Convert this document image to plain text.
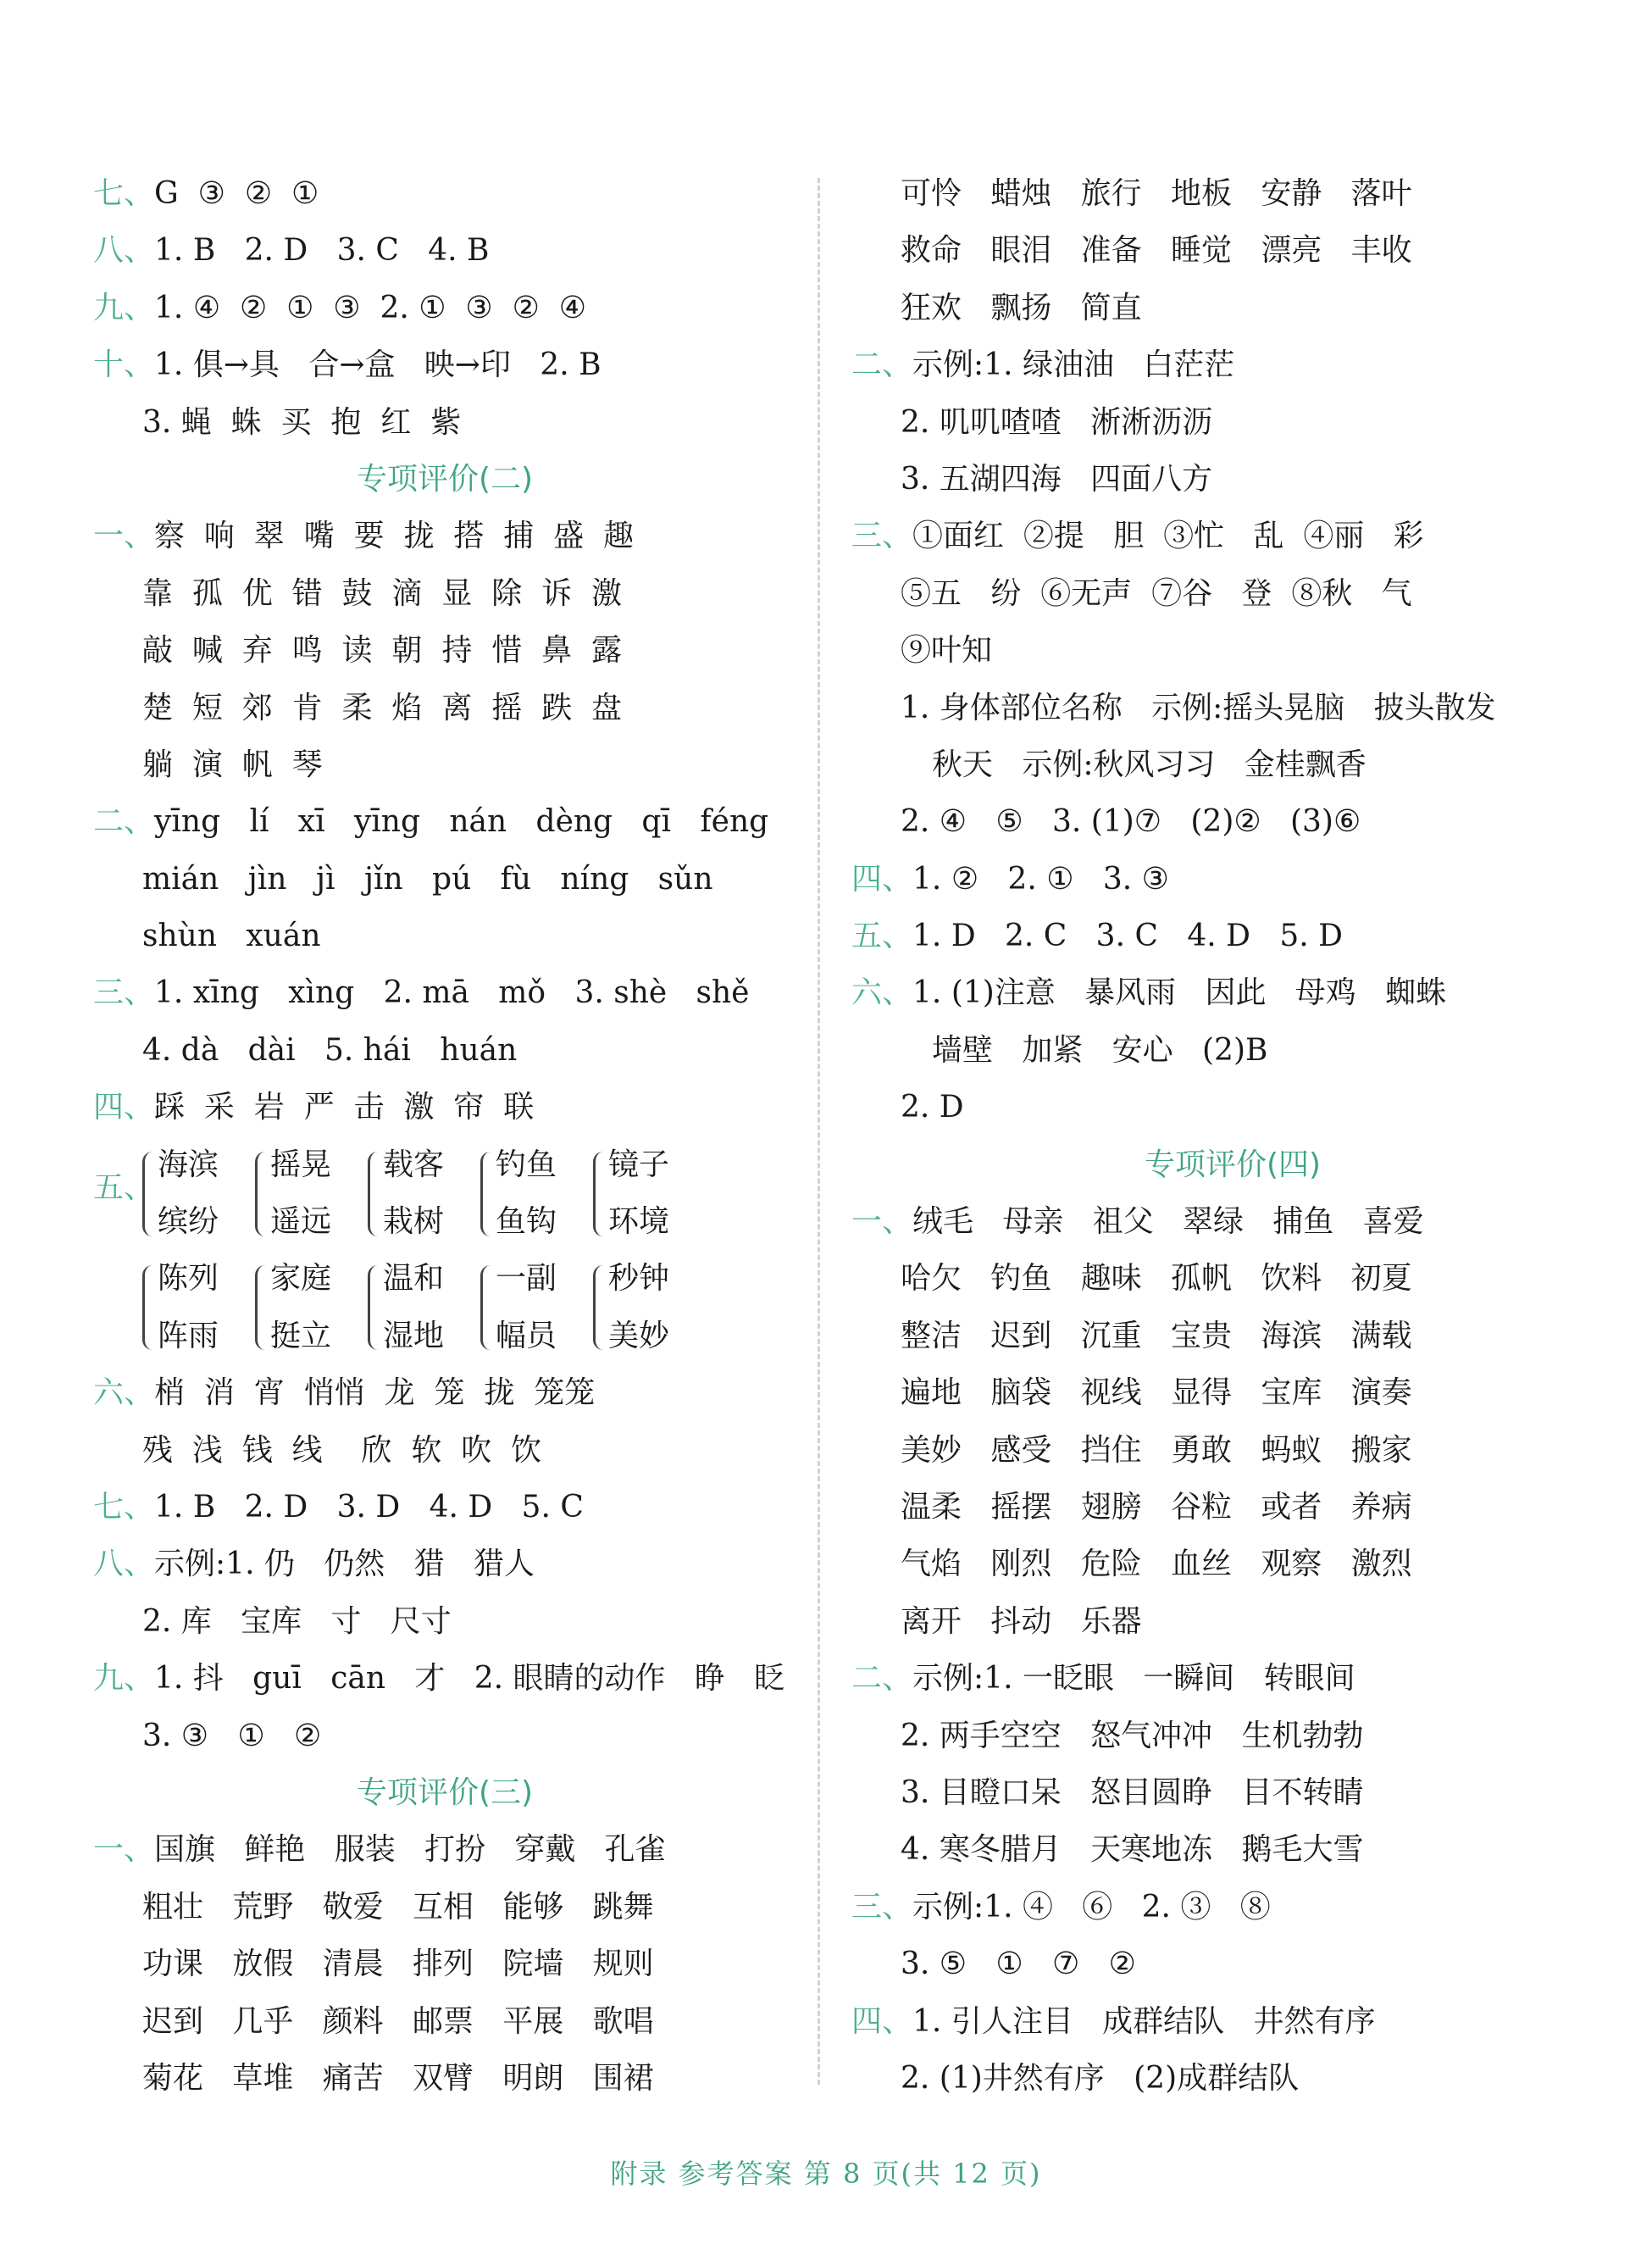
七、G  ③  ②  ①
八、1. B   2. D   3. C   4. B
九、1. ④  ②  ①  ③  2. ①  ③  ②  ④
十、1. 俱→具   合→盒   映→印   2. B
3. 蝇  蛛  买  抱  红  紫
专项评价(二)
一、察  响  翠  嘴  要  拢  搭  捕  盛  趣
靠  孤  优  错  鼓  滴  显  除  诉  激
敲  喊  弃  鸣  读  朝  持  惜  鼻  露
楚  短  郊  肯  柔  焰  离  摇  跌  盘
躺  演  帆  琴
二、yīng   lí   xī   yīng   nán   dèng   qī   féng
mián   jìn   jì   jǐn   pú   fù   níng   sǔn
shùn   xuán
三、1. xīng   xìng   2. mā   mǒ   3. shè   shě
4. dà   dài   5. hái   huán
四、踩  采  岩  严  击  激  帘  联
五、
海滨
缤纷
摇晃
遥远
载客
栽树
钓鱼
鱼钩
镜子
环境
陈列
阵雨
家庭
挺立
温和
湿地
一副
幅员
秒钟
美妙
六、梢  消  宵  悄悄  龙  笼  拢  笼笼
残  浅  钱  线    欣  软  吹  饮
七、1. B   2. D   3. D   4. D   5. C
八、示例:1. 仍   仍然   猎   猎人
2. 库   宝库   寸   尺寸
九、1. 抖   guī   cān   才   2. 眼睛的动作   睁   眨
3. ③   ①   ②
专项评价(三)
一、国旗   鲜艳   服装   打扮   穿戴   孔雀
粗壮   荒野   敬爱   互相   能够   跳舞
功课   放假   清晨   排列   院墙   规则
迟到   几乎   颜料   邮票   平展   歌唱
菊花   草堆   痛苦   双臂   明朗   围裙
可怜   蜡烛   旅行   地板   安静   落叶
救命   眼泪   准备   睡觉   漂亮   丰收
狂欢   飘扬   简直
二、示例:1. 绿油油   白茫茫
2. 叽叽喳喳   淅淅沥沥
3. 五湖四海   四面八方
三、①面红  ②提   胆  ③忙   乱  ④丽   彩
⑤五   纷  ⑥无声  ⑦谷   登  ⑧秋   气
⑨叶知
1. 身体部位名称   示例:摇头晃脑   披头散发
秋天   示例:秋风习习   金桂飘香
2. ④   ⑤   3. (1)⑦   (2)②   (3)⑥
四、1. ②   2. ①   3. ③
五、1. D   2. C   3. C   4. D   5. D
六、1. (1)注意   暴风雨   因此   母鸡   蜘蛛
墙壁   加紧   安心   (2)B
2. D
专项评价(四)
一、绒毛   母亲   祖父   翠绿   捕鱼   喜爱
哈欠   钓鱼   趣味   孤帆   饮料   初夏
整洁   迟到   沉重   宝贵   海滨   满载
遍地   脑袋   视线   显得   宝库   演奏
美妙   感受   挡住   勇敢   蚂蚁   搬家
温柔   摇摆   翅膀   谷粒   或者   养病
气焰   刚烈   危险   血丝   观察   激烈
离开   抖动   乐器
二、示例:1. 一眨眼   一瞬间   转眼间
2. 两手空空   怒气冲冲   生机勃勃
3. 目瞪口呆   怒目圆睁   目不转睛
4. 寒冬腊月   天寒地冻   鹅毛大雪
三、示例:1. ④   ⑥   2. ③   ⑧
3. ⑤   ①   ⑦   ②
四、1. 引人注目   成群结队   井然有序
2. (1)井然有序   (2)成群结队
附录 参考答案 第 8 页(共 12 页)
